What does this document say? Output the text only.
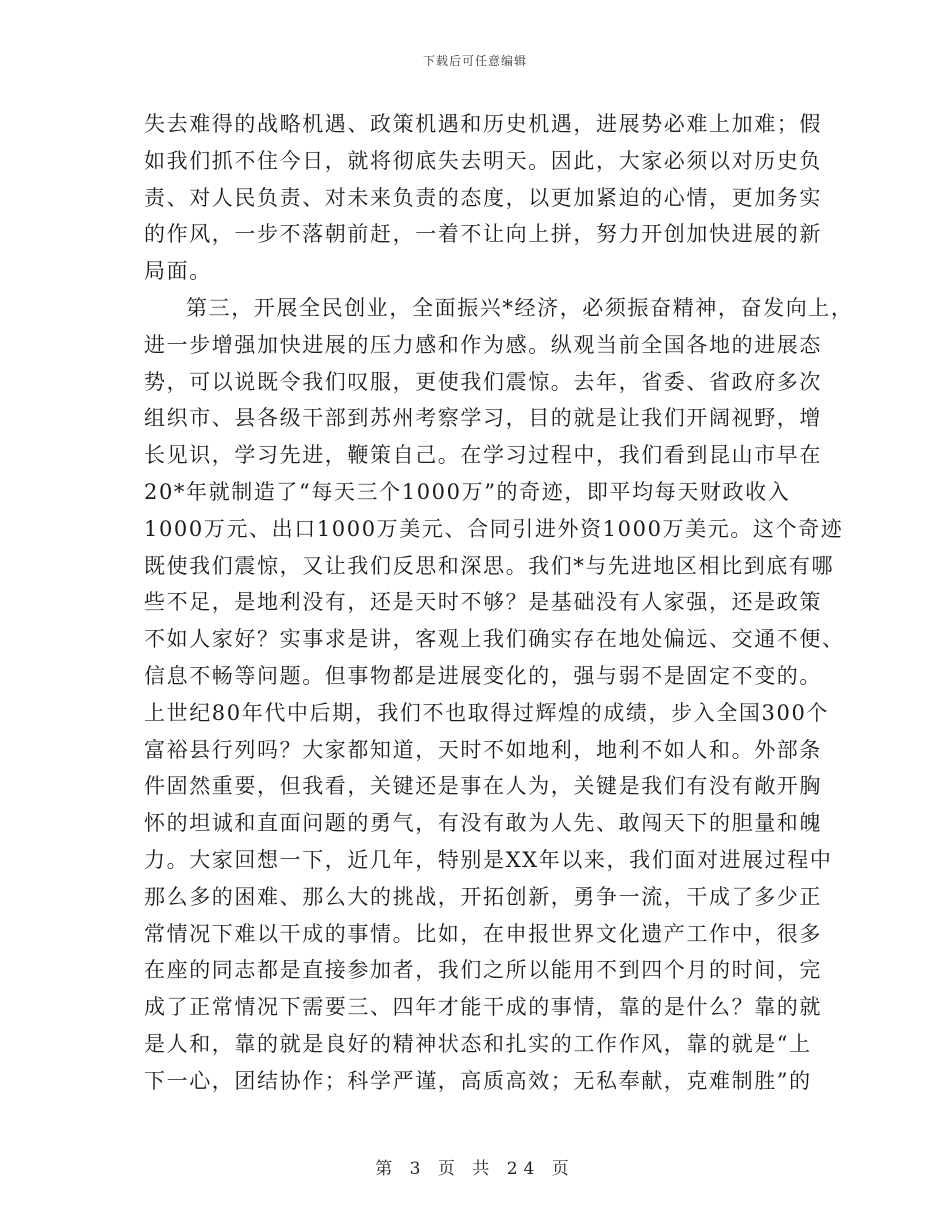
下载后可任意编辑
失去难得的战略机遇、政策机遇和历史机遇，进展势必难上加难；假
如我们抓不住今日，就将彻底失去明天。因此，大家必须以对历史负
责、对人民负责、对未来负责的态度，以更加紧迫的心情，更加务实
的作风，一步不落朝前赶，一着不让向上拼，努力开创加快进展的新
局面。
第三，开展全民创业，全面振兴*经济，必须振奋精神，奋发向上，
进一步增强加快进展的压力感和作为感。纵观当前全国各地的进展态
势，可以说既令我们叹服，更使我们震惊。去年，省委、省政府多次
组织市、县各级干部到苏州考察学习，目的就是让我们开阔视野，增
长见识，学习先进，鞭策自己。在学习过程中，我们看到昆山市早在
20*年就制造了“每天三个1000万”的奇迹，即平均每天财政收入
1000万元、出口1000万美元、合同引进外资1000万美元。这个奇迹
既使我们震惊，又让我们反思和深思。我们*与先进地区相比到底有哪
些不足，是地利没有，还是天时不够？是基础没有人家强，还是政策
不如人家好？实事求是讲，客观上我们确实存在地处偏远、交通不便、
信息不畅等问题。但事物都是进展变化的，强与弱不是固定不变的。
上世纪80年代中后期，我们不也取得过辉煌的成绩，步入全国300个
富裕县行列吗？大家都知道，天时不如地利，地利不如人和。外部条
件固然重要，但我看，关键还是事在人为，关键是我们有没有敞开胸
怀的坦诚和直面问题的勇气，有没有敢为人先、敢闯天下的胆量和魄
力。大家回想一下，近几年，特别是XX年以来，我们面对进展过程中
那么多的困难、那么大的挑战，开拓创新，勇争一流，干成了多少正
常情况下难以干成的事情。比如，在申报世界文化遗产工作中，很多
在座的同志都是直接参加者，我们之所以能用不到四个月的时间，完
成了正常情况下需要三、四年才能干成的事情，靠的是什么？靠的就
是人和，靠的就是良好的精神状态和扎实的工作作风，靠的就是“上
下一心，团结协作；科学严谨，高质高效；无私奉献，克难制胜”的
第 3 页 共 24 页
